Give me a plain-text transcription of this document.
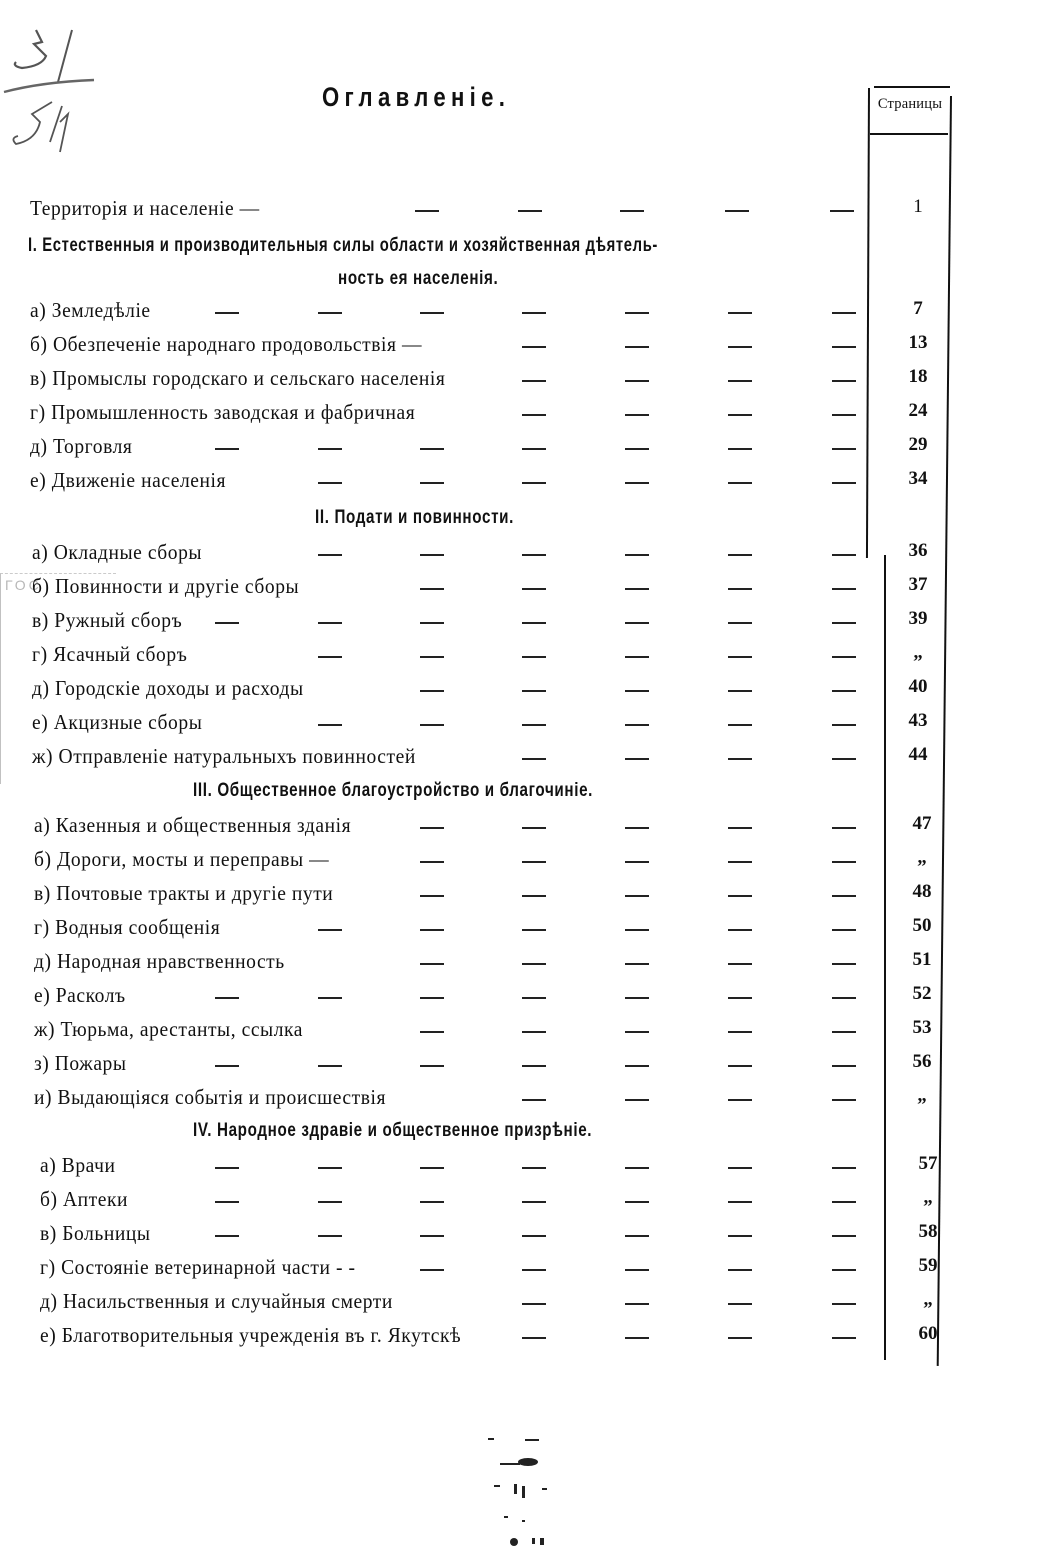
31
Оглавленіе.	Страницы
ГОС
Территорія и населеніе —	1
I. Естественныя и производительныя силы области и хозяйственная дѣятель-
ность ея населенія.
а) Земледѣліе	7
б) Обезпеченіе народнаго продовольствія —	13
в) Промыслы городскаго и сельскаго населенія	18
г) Промышленность заводская и фабричная	24
д) Торговля	29
е) Движеніе населенія	34
II. Подати и повинности.
а) Окладные сборы	36
б) Повинности и другіе сборы	37
в) Ружный сборъ	39
г) Ясачный сборъ	„
д) Городскіе доходы и расходы	40
е) Акцизные сборы	43
ж) Отправленіе натуральныхъ повинностей	44
III. Общественное благоустройство и благочиніе.
а) Казенныя и общественныя зданія	47
б) Дороги, мосты и переправы —	„
в) Почтовые тракты и другіе пути	48
г) Водныя сообщенія	50
д) Народная нравственность	51
е) Расколъ	52
ж) Тюрьма, арестанты, ссылка	53
з) Пожары	56
и) Выдающіяся событія и происшествія	„
IV. Народное здравіе и общественное призрѣніе.
а) Врачи	57
б) Аптеки	„
в) Больницы	58
г) Состояніе ветеринарной части - -	59
д) Насильственныя и случайныя смерти	„
е) Благотворительныя учрежденія въ г. Якутскѣ	60
